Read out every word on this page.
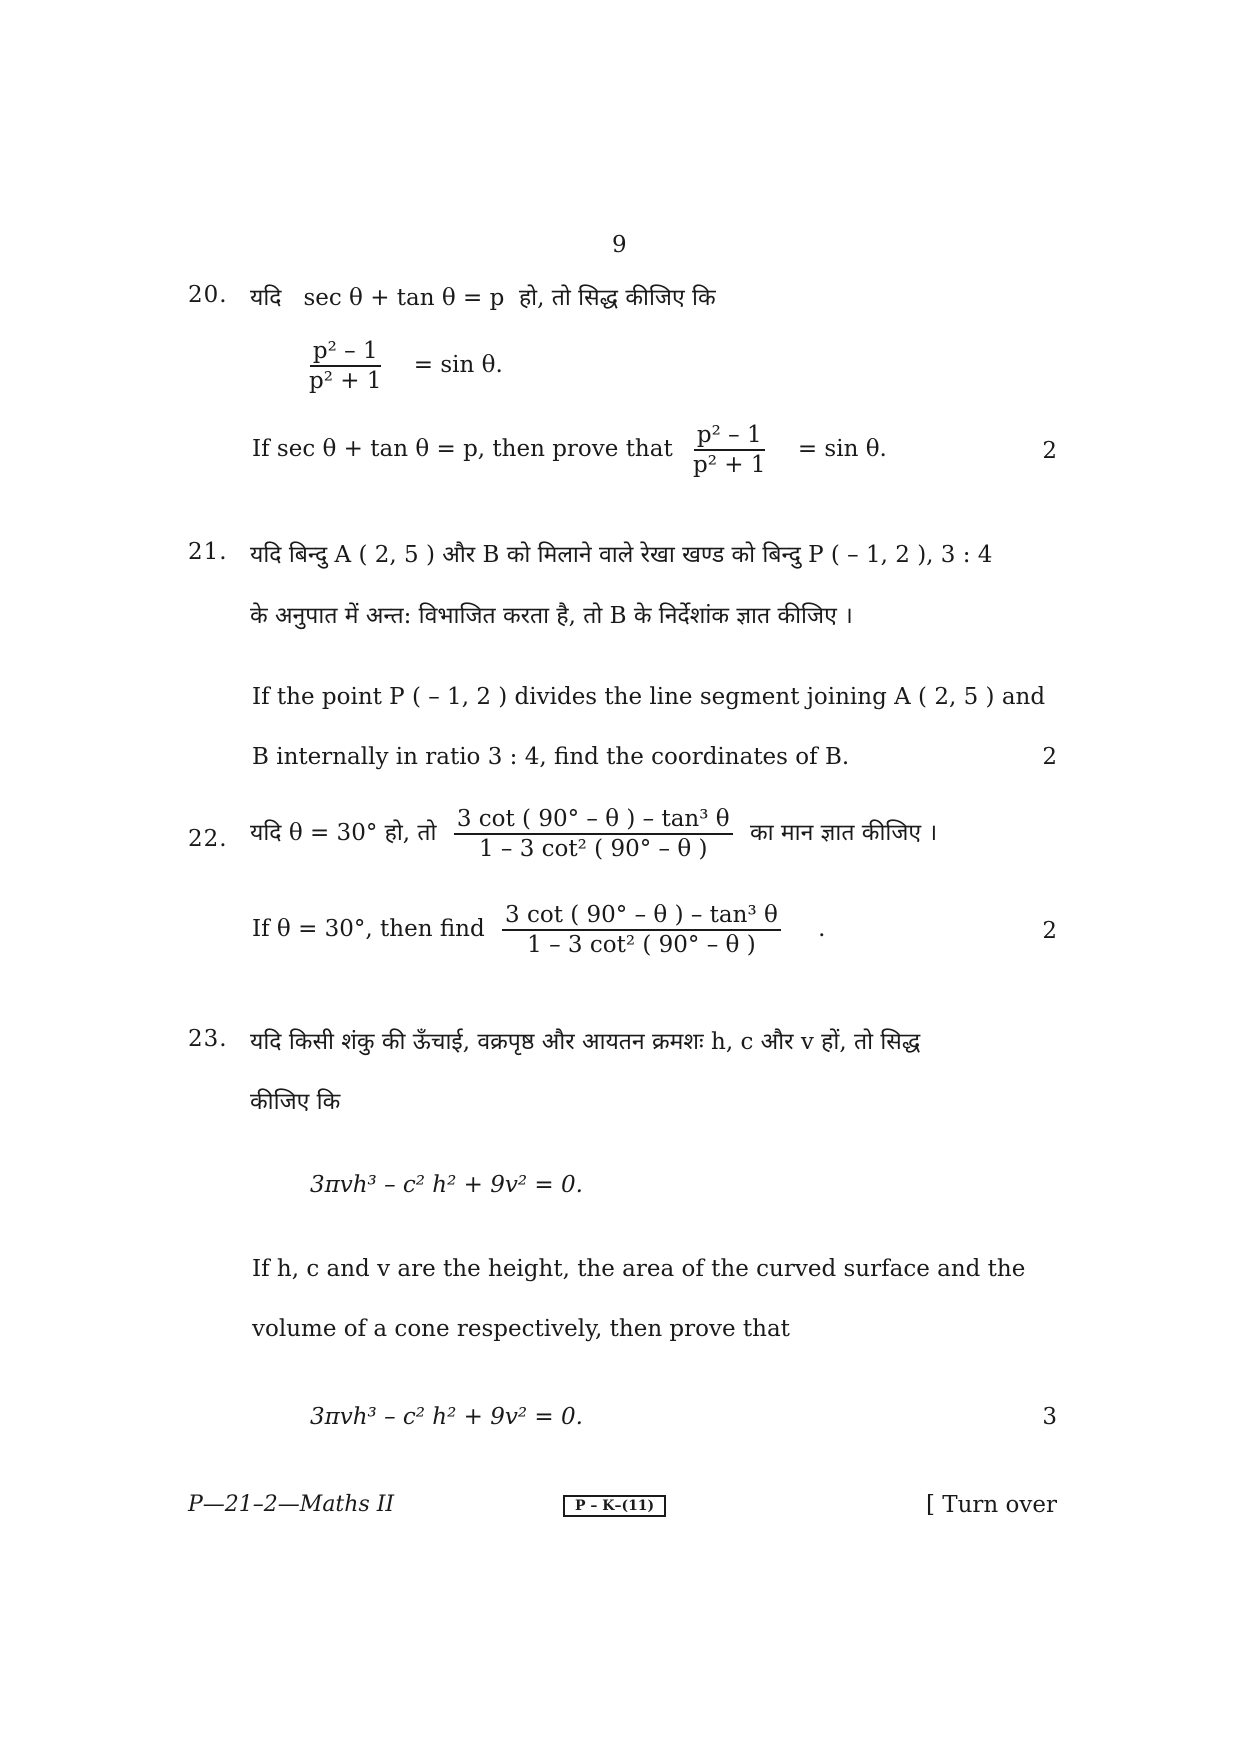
9
20. यदि sec θ + tan θ = p हो, तो सिद्ध कीजिए कि
$\frac{\text{p² – 1}}{\text{p² + 1}} = \sin \theta$.
If sec θ + tan θ = p, then prove that $\frac{\text{p² – 1}}{\text{p² + 1}} = \sin \theta$.	2
21. यदि बिन्दु A ( 2, 5 ) और B को मिलाने वाले रेखा खण्ड को बिन्दु P ( – 1, 2 ), 3 : 4
के अनुपात में अन्त: विभाजित करता है, तो B के निर्देशांक ज्ञात कीजिए ।
If the point P ( – 1, 2 ) divides the line segment joining A ( 2, 5 ) and
B internally in ratio 3 : 4, find the coordinates of B.	2
22. यदि θ = 30° हो, तो $\frac{\text{3 cot ( 90° – θ ) – tan³ θ}}{\text{1 – 3 cot² ( 90° – θ )}}$ का मान ज्ञात कीजिए ।
If θ = 30°, then find $\frac{\text{3 cot ( 90° – θ ) – tan³ θ}}{\text{1 – 3 cot² ( 90° – θ )}}$ .	2
23. यदि किसी शंकु की ऊँचाई, वक्रपृष्ठ और आयतन क्रमशः h, c और v हों, तो सिद्ध
कीजिए कि
3πvh³ – c² h² + 9v² = 0.
If h, c and v are the height, the area of the curved surface and the
volume of a cone respectively, then prove that
3πvh³ – c² h² + 9v² = 0.	3
P—21–2—Maths II	P – K–(11)	[ Turn over
